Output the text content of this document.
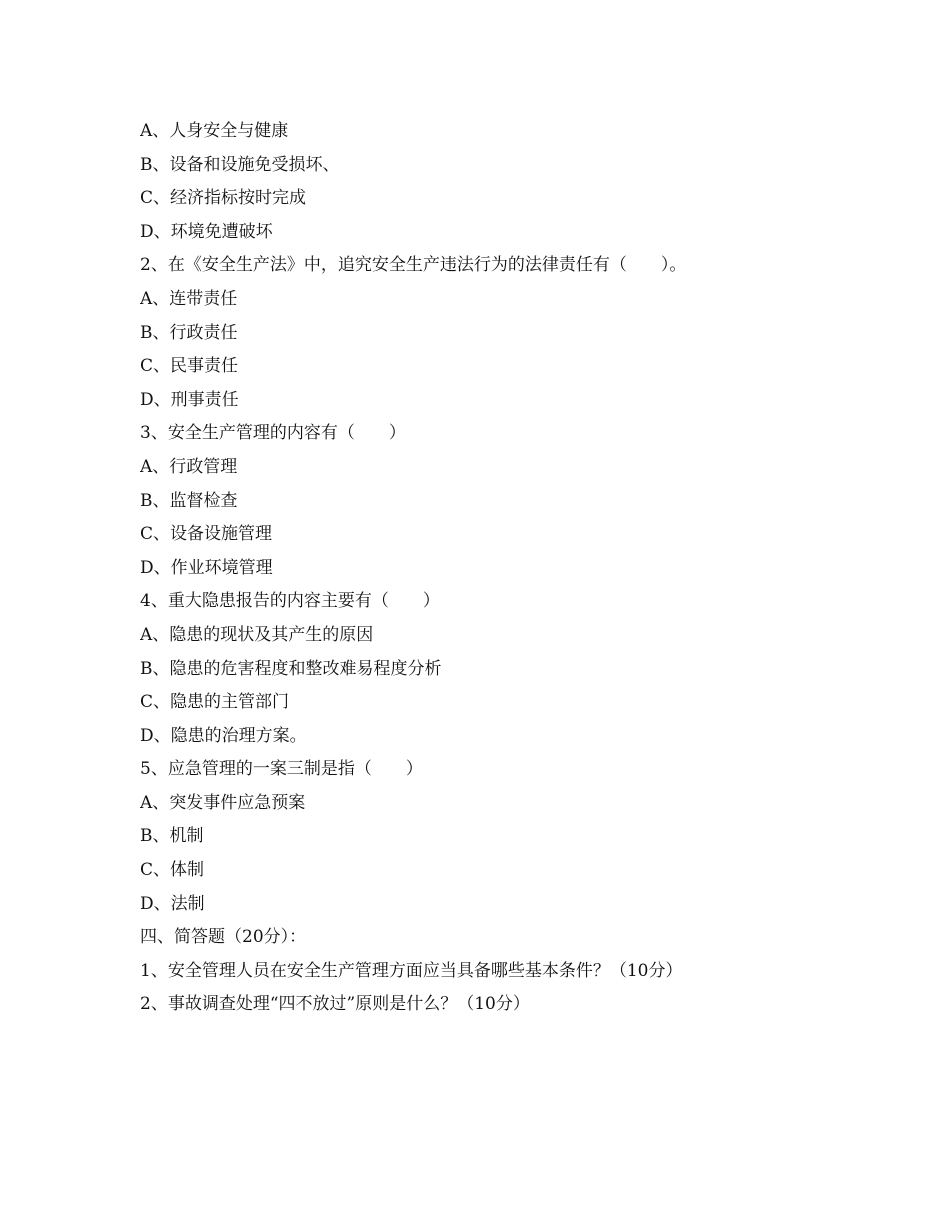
A、人身安全与健康
B、设备和设施免受损坏、
C、经济指标按时完成
D、环境免遭破坏
2、在《安全生产法》中，追究安全生产违法行为的法律责任有（　　）。
A、连带责任
B、行政责任
C、民事责任
D、刑事责任
3、安全生产管理的内容有（　　）
A、行政管理
B、监督检查
C、设备设施管理
D、作业环境管理
4、重大隐患报告的内容主要有（　　）
A、隐患的现状及其产生的原因
B、隐患的危害程度和整改难易程度分析
C、隐患的主管部门
D、隐患的治理方案。
5、应急管理的一案三制是指（　　）
A、突发事件应急预案
B、机制
C、体制
D、法制
四、简答题（20分）：
1、安全管理人员在安全生产管理方面应当具备哪些基本条件？（10分）
2、事故调查处理“四不放过”原则是什么？（10分）
